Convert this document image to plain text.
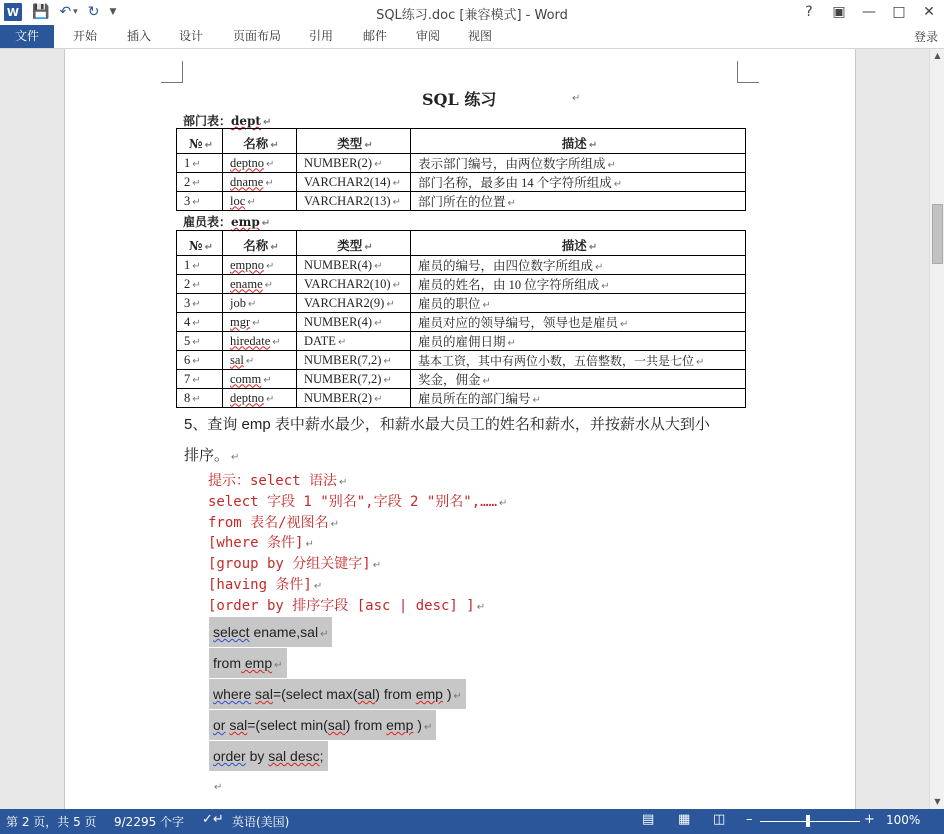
W 💾 ↶ ▾ ↻ ▼	SQL练习.doc [兼容模式] - Word	?	▣	—	□	✕
文件	开始	插入	设计	页面布局	引用	邮件	审阅	视图	登录
SQL 练习	↵
部门表：dept ↵
№ ↵	名称 ↵	类型 ↵	描述 ↵
1 ↵	deptno ↵	NUMBER(2) ↵	表示部门编号，由两位数字所组成 ↵
2 ↵	dname ↵	VARCHAR2(14) ↵	部门名称，最多由 14 个字符所组成 ↵
3 ↵	loc ↵	VARCHAR2(13) ↵	部门所在的位置 ↵
雇员表：emp ↵
№ ↵	名称 ↵	类型 ↵	描述 ↵
1 ↵	empno ↵	NUMBER(4) ↵	雇员的编号，由四位数字所组成 ↵
2 ↵	ename ↵	VARCHAR2(10) ↵	雇员的姓名，由 10 位字符所组成 ↵
3 ↵	job ↵	VARCHAR2(9) ↵	雇员的职位 ↵
4 ↵	mgr ↵	NUMBER(4) ↵	雇员对应的领导编号，领导也是雇员 ↵
5 ↵	hiredate ↵	DATE ↵	雇员的雇佣日期 ↵
6 ↵	sal ↵	NUMBER(7,2) ↵	基本工资，其中有两位小数，五倍整数，一共是七位 ↵
7 ↵	comm ↵	NUMBER(7,2) ↵	奖金，佣金 ↵
8 ↵	deptno ↵	NUMBER(2) ↵	雇员所在的部门编号 ↵
5、查询 emp 表中薪水最少，和薪水最大员工的姓名和薪水，并按薪水从大到小
排序。 ↵
提示：select 语法 ↵
select 字段 1 "别名",字段 2 "别名",…… ↵
from 表名/视图名 ↵
[where 条件] ↵
[group by 分组关键字] ↵
[having 条件] ↵
[order by 排序字段 [asc | desc] ] ↵
select ename,sal ↵
from emp ↵
where sal=(select max(sal) from emp ) ↵
or sal=(select min(sal) from emp ) ↵
order by sal desc;
↵
▲
▼
第 2 页，共 5 页 9/2295 个字 ✓↵ 英语(美国)	▤ ▦ ◫ –	+ 100%
